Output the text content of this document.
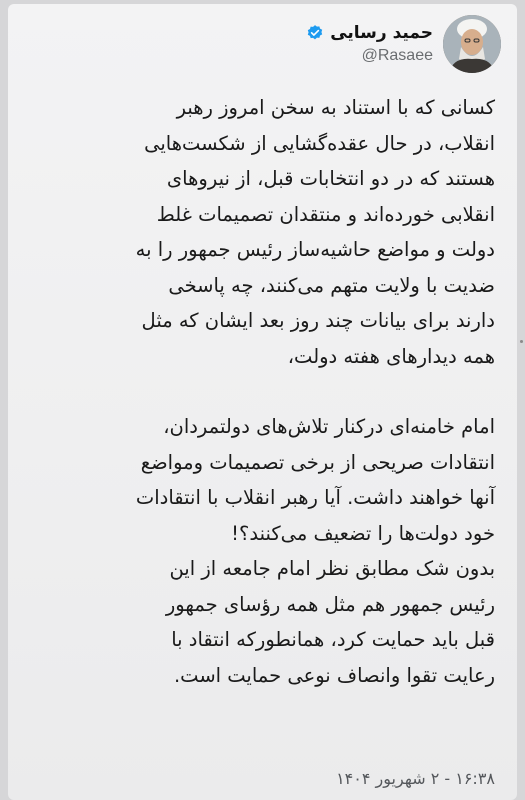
حمید رسایی
@Rasaee

کسانی که با استناد به سخن امروز رهبر
انقلاب، در حال عقده‌گشایی از شکست‌هایی
هستند که در دو انتخابات قبل، از نیروهای
انقلابی خورده‌اند و منتقدان تصمیمات غلط
دولت و مواضع حاشیه‌ساز رئیس جمهور را به
ضدیت با ولایت متهم می‌کنند، چه پاسخی
دارند برای بیانات چند روز بعد ایشان که مثل
همه دیدارهای هفته دولت،

امام خامنه‌ای درکنار تلاش‌های دولتمردان،
انتقادات صریحی از برخی تصمیمات ومواضع
آنها خواهند داشت. آیا رهبر انقلاب با انتقادات
خود دولت‌ها را تضعیف می‌کنند؟!
بدون شک مطابق نظر امام جامعه از این
رئیس جمهور هم مثل همه رؤسای جمهور
قبل باید حمایت کرد، همانطورکه انتقاد با
رعایت تقوا وانصاف نوعی حمایت است.

۱۶:۳۸ - ۲ شهریور ۱۴۰۴
